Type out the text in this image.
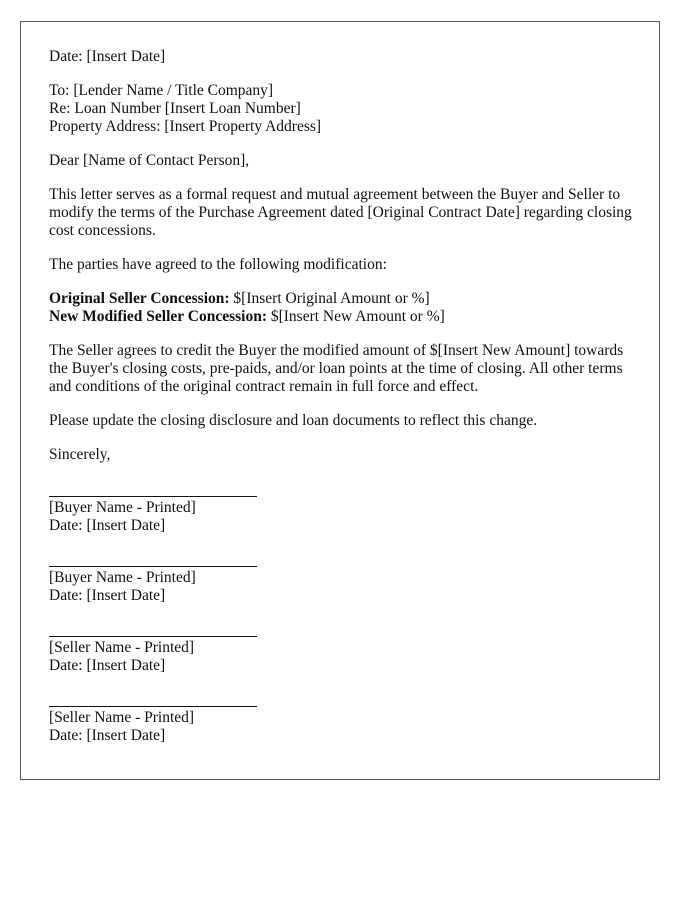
Date: [Insert Date]
To: [Lender Name / Title Company]
Re: Loan Number [Insert Loan Number]
Property Address: [Insert Property Address]
Dear [Name of Contact Person],

This letter serves as a formal request and mutual agreement between the Buyer and Seller to modify the terms of the Purchase Agreement dated [Original Contract Date] regarding closing cost concessions.

The parties have agreed to the following modification:

Original Seller Concession: $[Insert Original Amount or %]
New Modified Seller Concession: $[Insert New Amount or %]

The Seller agrees to credit the Buyer the modified amount of $[Insert New Amount] towards the Buyer's closing costs, pre-paids, and/or loan points at the time of closing. All other terms and conditions of the original contract remain in full force and effect.

Please update the closing disclosure and loan documents to reflect this change.

Sincerely,
[Buyer Name - Printed]
Date: [Insert Date]
[Buyer Name - Printed]
Date: [Insert Date]
[Seller Name - Printed]
Date: [Insert Date]
[Seller Name - Printed]
Date: [Insert Date]
